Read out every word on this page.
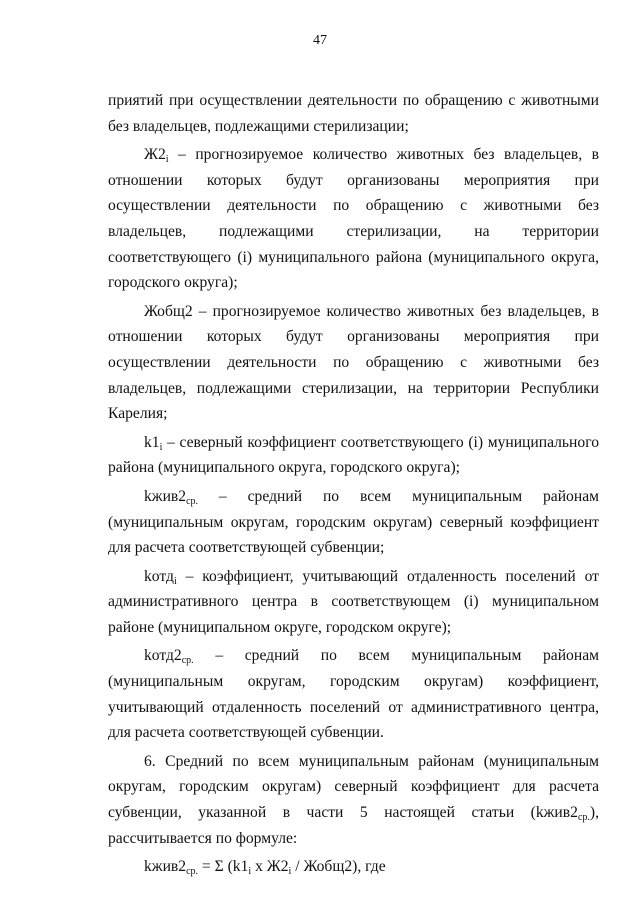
47

приятий при осуществлении деятельности по обращению с животными без владельцев, подлежащими стерилизации;

$Ж2_i$ – прогнозируемое количество животных без владельцев, в отношении которых будут организованы мероприятия при осуществлении деятельности по обращению с животными без владельцев, подлежащими стерилизации, на территории соответствующего (i) муниципального района (муниципального округа, городского округа);

Жобщ2 – прогнозируемое количество животных без владельцев, в отношении которых будут организованы мероприятия при осуществлении деятельности по обращению с животными без владельцев, подлежащими стерилизации, на территории Республики Карелия;

$k1_i$ – северный коэффициент соответствующего (i) муниципального района (муниципального округа, городского округа);

$kжив2_{ср.}$ – средний по всем муниципальным районам (муниципальным округам, городским округам) северный коэффициент для расчета соответствующей субвенции;

kотд$_i$ – коэффициент, учитывающий отдаленность поселений от административного центра в соответствующем (i) муниципальном районе (муниципальном округе, городском округе);

$kотд2_{ср.}$ – средний по всем муниципальным районам (муниципальным округам, городским округам) коэффициент, учитывающий отдаленность поселений от административного центра, для расчета соответствующей субвенции.

6. Средний по всем муниципальным районам (муниципальным округам, городским округам) северный коэффициент для расчета субвенции, указанной в части 5 настоящей статьи $(kжив2_{ср.})$, рассчитывается по формуле:

$kжив2_{ср.} = \Sigma$ ($k1_i$ х $Ж2_i$ / Жобщ2), где
